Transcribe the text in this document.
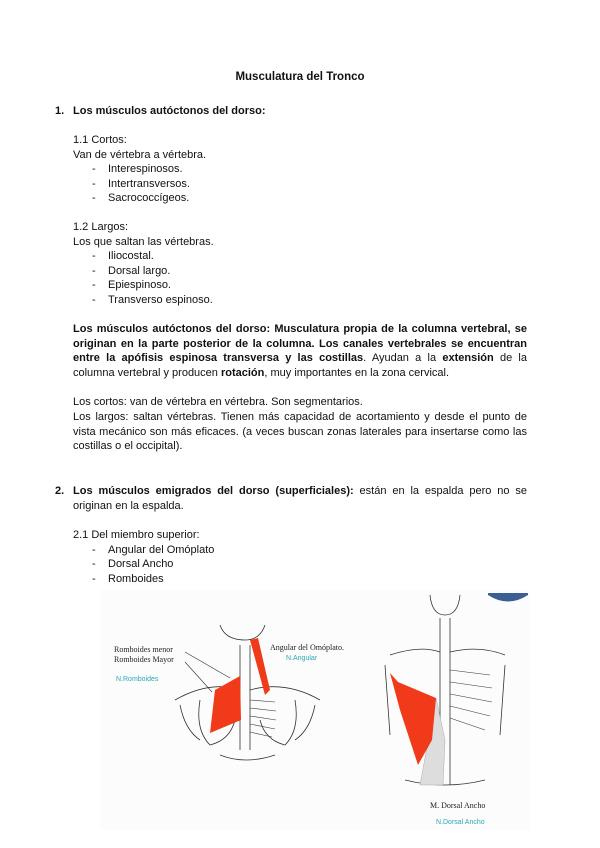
Musculatura del Tronco
1. Los músculos autóctonos del dorso:
1.1 Cortos:
Van de vértebra a vértebra.
- Interespinosos.
- Intertransversos.
- Sacrococcígeos.
1.2 Largos:
Los que saltan las vértebras.
- Iliocostal.
- Dorsal largo.
- Epiespinoso.
- Transverso espinoso.
Los músculos autóctonos del dorso: Musculatura propia de la columna vertebral, se originan en la parte posterior de la columna. Los canales vertebrales se encuentran entre la apófisis espinosa transversa y las costillas. Ayudan a la extensión de la columna vertebral y producen rotación, muy importantes en la zona cervical.
Los cortos: van de vértebra en vértebra. Son segmentarios.
Los largos: saltan vértebras. Tienen más capacidad de acortamiento y desde el punto de vista mecánico son más eficaces. (a veces buscan zonas laterales para insertarse como las costillas o el occipital).
2. Los músculos emigrados del dorso (superficiales): están en la espalda pero no se originan en la espalda.
2.1 Del miembro superior:
- Angular del Omóplato
- Dorsal Ancho
- Romboides
Romboides menor
Romboides Mayor
Angular del Omóplato.
N.Angular
N.Romboides
M. Dorsal Ancho
N.Dorsal Ancho
